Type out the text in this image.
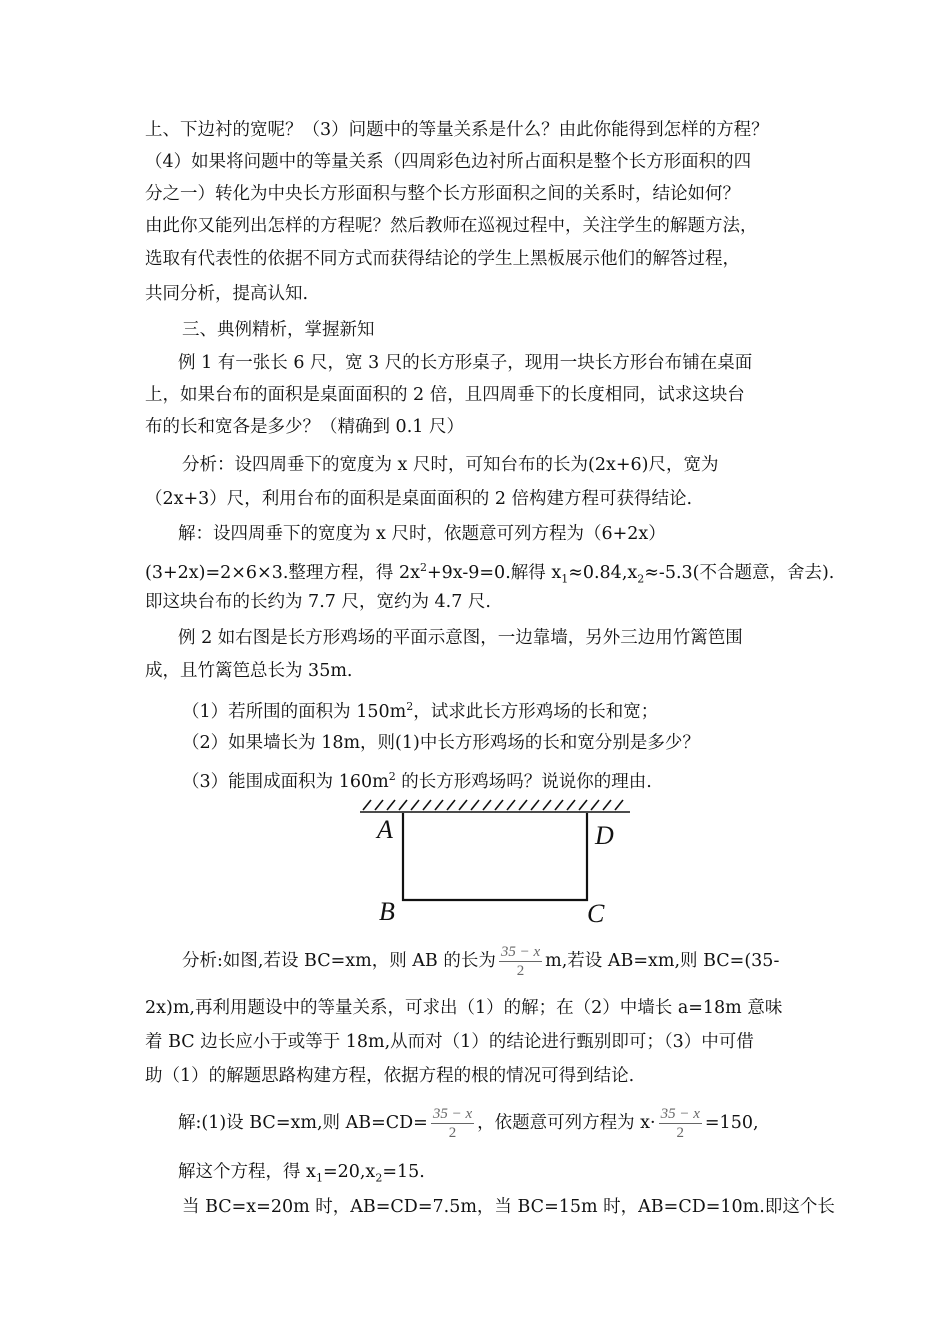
上、下边衬的宽呢？（3）问题中的等量关系是什么？由此你能得到怎样的方程？
（4）如果将问题中的等量关系（四周彩色边衬所占面积是整个长方形面积的四
分之一）转化为中央长方形面积与整个长方形面积之间的关系时，结论如何？
由此你又能列出怎样的方程呢？然后教师在巡视过程中，关注学生的解题方法，
选取有代表性的依据不同方式而获得结论的学生上黑板展示他们的解答过程，
共同分析，提高认知.
三、典例精析，掌握新知
例 1 有一张长 6 尺，宽 3 尺的长方形桌子，现用一块长方形台布铺在桌面
上，如果台布的面积是桌面面积的 2 倍，且四周垂下的长度相同，试求这块台
布的长和宽各是多少？（精确到 0.1 尺）
分析：设四周垂下的宽度为 x 尺时，可知台布的长为(2x+6)尺，宽为
（2x+3）尺，利用台布的面积是桌面面积的 2 倍构建方程可获得结论.
解：设四周垂下的宽度为 x 尺时，依题意可列方程为（6+2x）
(3+2x)=2×6×3.整理方程，得 $2x^2+9x-9=0$.解得 $x_1\approx 0.84,x_2\approx-5.3$(不合题意，舍去).
即这块台布的长约为 7.7 尺，宽约为 4.7 尺.
例 2 如右图是长方形鸡场的平面示意图，一边靠墙，另外三边用竹篱笆围
成，且竹篱笆总长为 35m.
（1）若所围的面积为 $150m^2$，试求此长方形鸡场的长和宽；
（2）如果墙长为 18m，则(1)中长方形鸡场的长和宽分别是多少？
（3）能围成面积为 $160m^2$ 的长方形鸡场吗？说说你的理由.
A	D
B	C
分析:如图,若设 BC=xm，则 AB 的长为 $\frac{35 - x}{2} m$,若设 AB=xm,则 BC=(35-
2x)m,再利用题设中的等量关系，可求出（1）的解；在（2）中墙长 a=18m 意味
着 BC 边长应小于或等于 18m,从而对（1）的结论进行甄别即可；（3）中可借
助（1）的解题思路构建方程，依据方程的根的情况可得到结论.
解:(1)设 BC=xm,则 $AB=CD= \frac{35 - x}{2}$ ，依题意可列方程为 $x\cdot \frac{35 - x}{2} =150$,
解这个方程，得 $x_1=20,x_2=15$.
当 BC=x=20m 时，AB=CD=7.5m，当 BC=15m 时，AB=CD=10m.即这个长
